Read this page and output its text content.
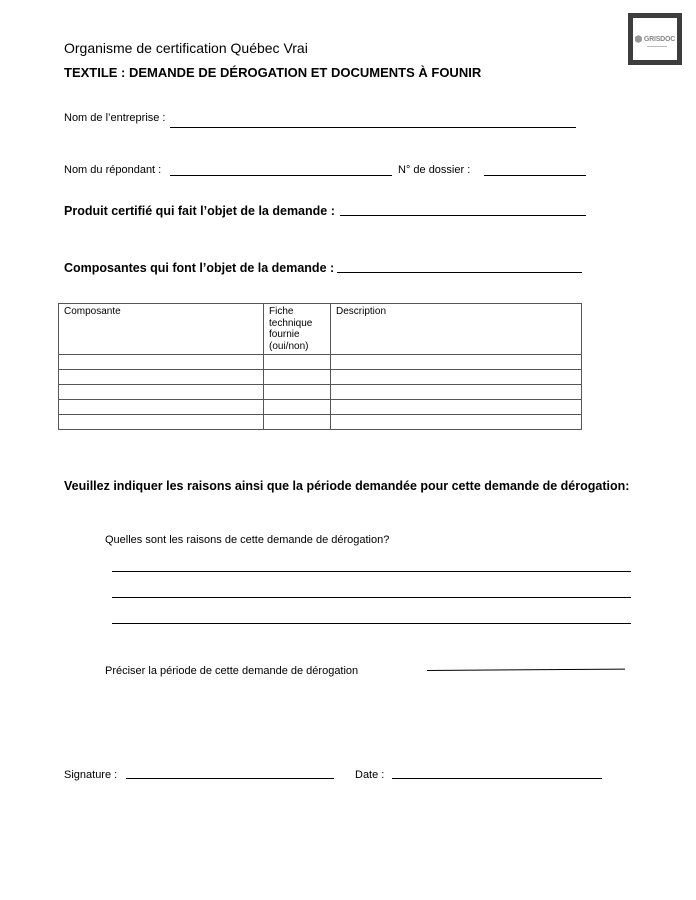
GRISDOC
Organisme de certification Québec Vrai
TEXTILE : DEMANDE DE DÉROGATION ET DOCUMENTS À FOUNIR
Nom de l’entreprise :
Nom du répondant :	N° de dossier :
Produit certifié qui fait l’objet de la demande :
Composantes qui font l’objet de la demande :
Composante	Fiche technique fournie (oui/non)	Description

Veuillez indiquer les raisons ainsi que la période demandée pour cette demande de dérogation:
Quelles sont les raisons de cette demande de dérogation?
Préciser la période de cette demande de dérogation
Signature :	Date :
